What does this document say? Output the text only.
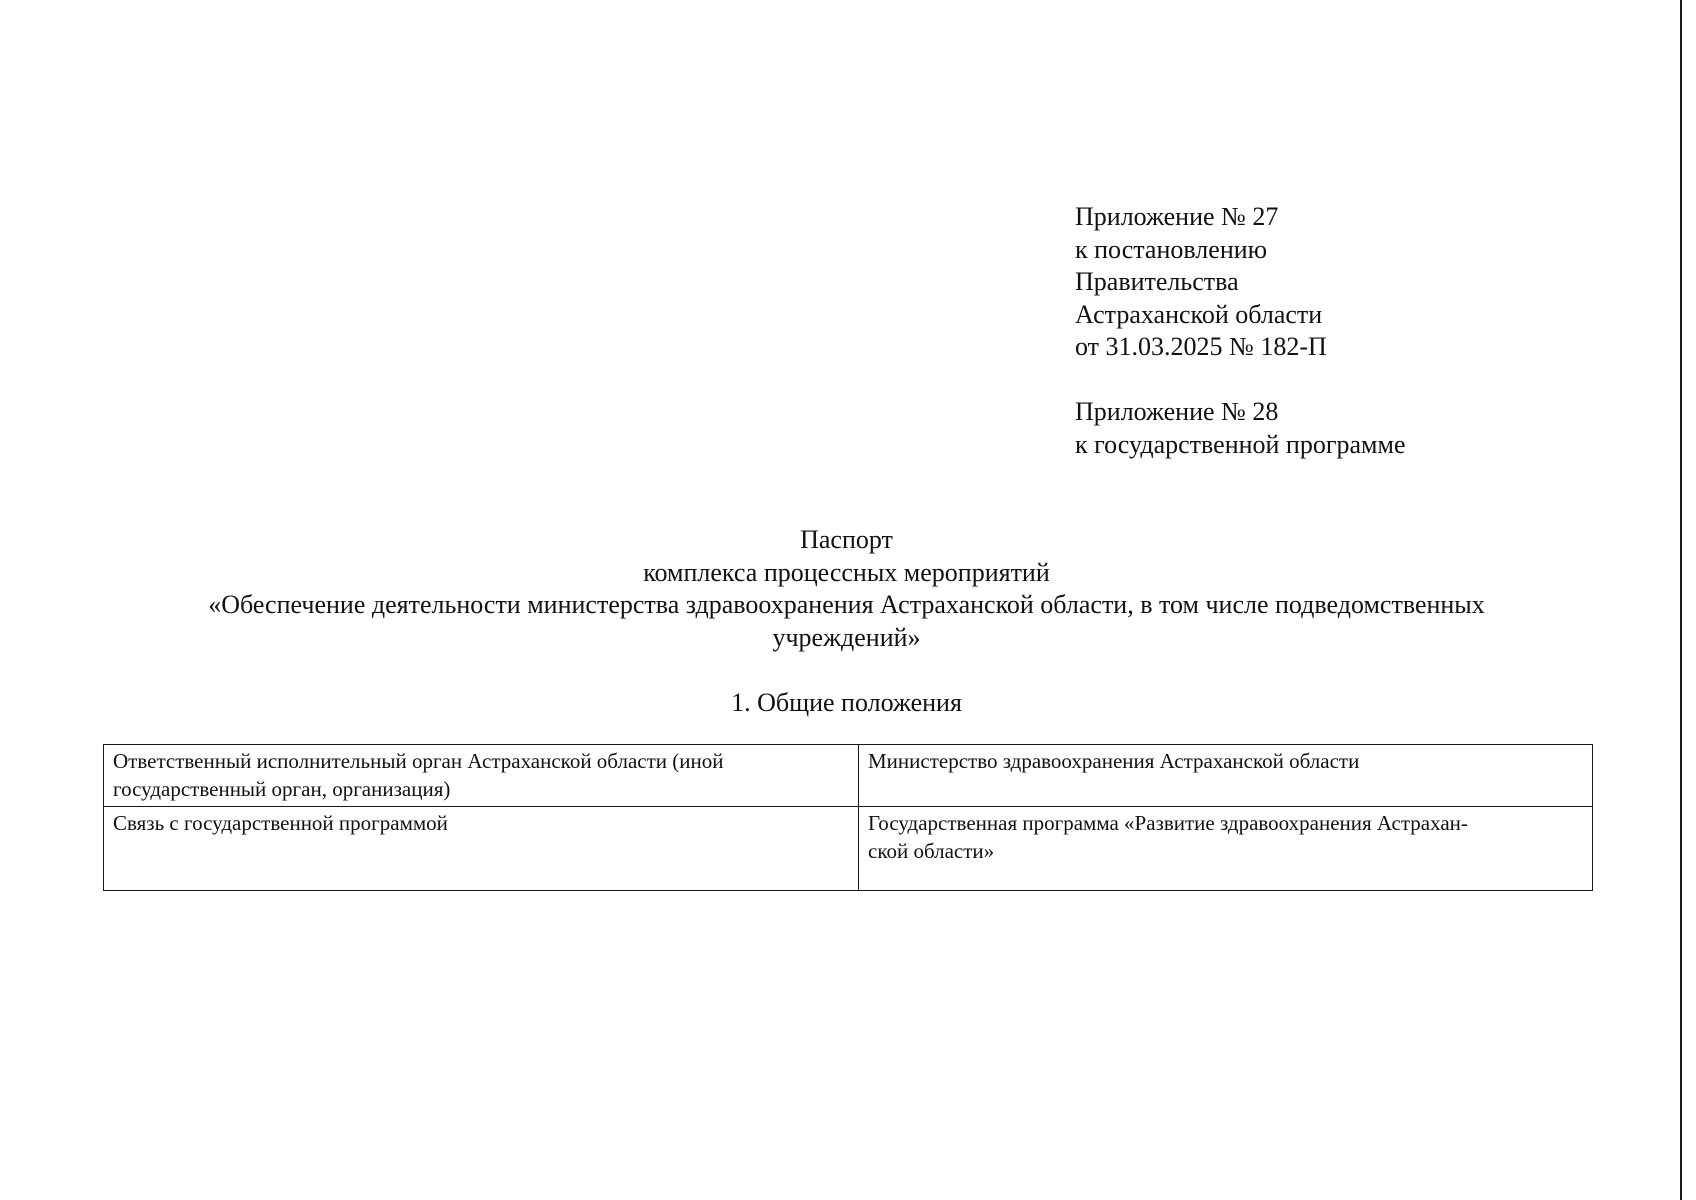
Приложение № 27
к постановлению
Правительства
Астраханской области
от 31.03.2025 № 182-П
Приложение № 28
к государственной программе
Паспорт
комплекса процессных мероприятий
«Обеспечение деятельности министерства здравоохранения Астраханской области, в том числе подведомственных
учреждений»
1. Общие положения
Ответственный исполнительный орган Астраханской области (иной
государственный орган, организация)	Министерство здравоохранения Астраханской области

Связь с государственной программой	Государственная программа «Развитие здравоохранения Астрахан-
ской области»
